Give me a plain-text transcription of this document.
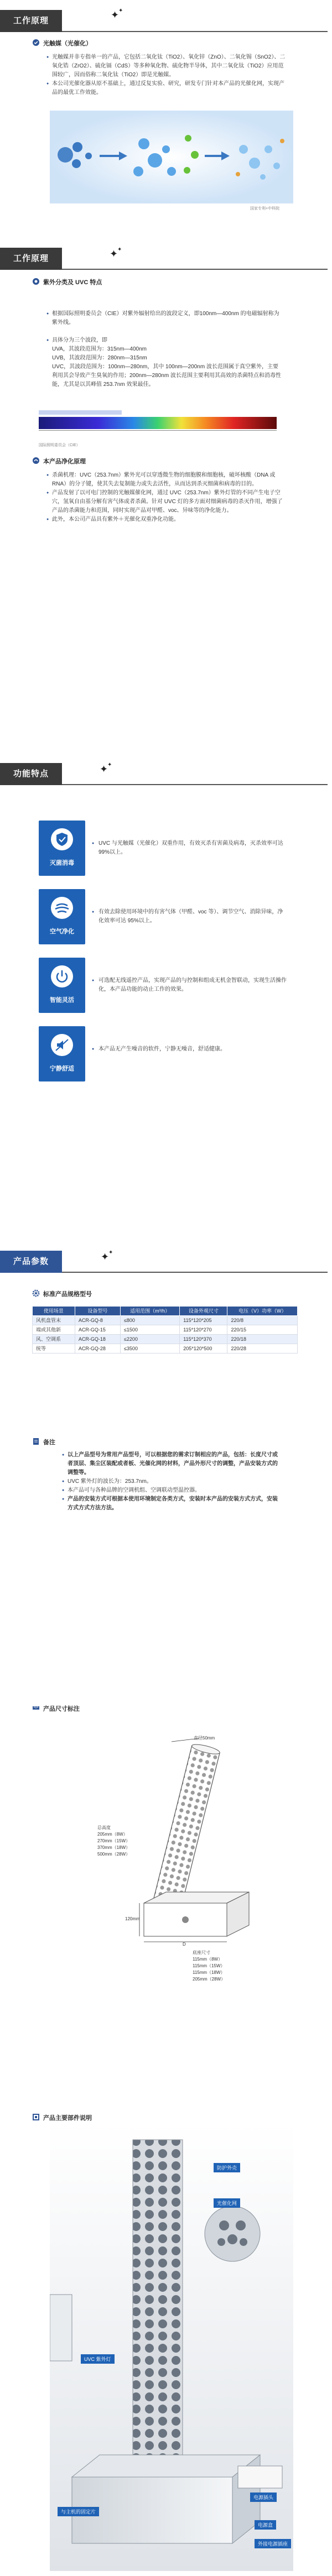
工作原理
✦
✦
光触媒（光催化）
● 光触媒并非专指单一的产品，它包括二氧化钛（TiO2）、氧化锌（ZnO）、二氧化锡（SnO2）、二氧化锆（ZrO2）、硫化镉（CdS）等多种氧化物、硫化物半导体，其中二氧化钛（TiO2）应用范围较广，因而俗称二氧化钛（TiO2）即是光触媒。
● 本公司光催化器从原不基础上，通过反复实验、研究，研发专门针对本产品的光催化网，实现产品的最优工作效能。
国家专利+中科院
工作原理	✦
✦
紫外分类及 UVC 特点

● 根据国际照明委员会（CIE）对紫外辐射给出的波段定义，即100nm—400nm 的电磁辐射称为紫外线。

● 具体分为三个波段，即
UVA，其波段范围为：315nm—400nm
UVB，其波段范围为：280nm—315nm
UVC，其波段范围为：100nm—280nm，其中 100nm—200nm 波长范围属于真空紫外，主要利用其会导致产生臭氧的作用；200nm—280nm 波长范围主要利用其高效的杀菌特点和消毒性能，尤其是以其峰值 253.7nm 效果最佳。

国际照明委员会（CIE）
本产品净化原理
● 杀菌机理：UVC（253.7nm）紫外光可以穿透微生物的细胞膜和细胞核，破坏核酸（DNA 或 RNA）的分子键，使其失去复制能力或失去活性，从而达到杀灭细菌和病毒的目的。
● 产品发射了以可电门控制的光触媒催化网，通过 UVC（253.7nm）紫外灯管的不同产生电子空穴，氢氧自由基分解有害气体或者杀菌。针对 UVC 灯的多方面对细菌病毒的杀灭作用，增强了产品的杀菌能力和范围，同时实现产品对甲醛、voc、异味等的净化能力。
● 此外，本公司产品具有紫外＋光催化双重净化功能。
功能特点	✦
✦
灭菌消毒
● UVC 与光触媒（光催化）双重作用，有效灭杀有害菌及病毒，灭杀效率可达 99%以上。
空气净化
● 有效去除使用环境中的有害气体（甲醛、voc 等）、调节空气、消除异味，净化效率可达 95%以上。
智能灵活
● 可选配无线遥控产品，实现产品的与控制和组成无机金智联动，实现生活操作化，本产品功能的动止工作的效果。
宁静舒适
● 本产品无产生噪音的软件，宁静无噪音，舒适健康。
产品参数	✦
✦
标准产品规格型号
使用场景	设备型号	适用范围（m³/h）	设备外观尺寸	电压（V）功率（W）
风机盘管末	ACR-GQ-8	≤800	115*120*205	220/8
端或其他新	ACR-GQ-15	≤1500	115*120*270	220/15
风、空调系	ACR-GQ-18	≤2200	115*120*370	220/18
统等	ACR-GQ-28	≤3500	205*120*500	220/28
备注
● 以上产品型号为常用产品型号，可以根据您的需求订制相应的产品，包括：长度尺寸或者顶层、集尘区装配或者板、光催化网的材料，产品外形尺寸的调整，产品安装方式的调整等。
● UVC 紫外灯的波长为：253.7nm。
● 本产品可与各种品牌的空调机组、空调联动型温控器。
● 产品的安装方式可根据本使用环境制定各类方式，安装时本产品的安装方式方式，安装方式方式方法方法。
产品尺寸标注
直径50mm
总高度
205mm（8W）
270mm（15W）
370mm（18W）
500mm（28W）
120mm
D
底座尺寸
115mm（8W）
115mm（15W）
115mm（18W）
205mm（28W）
产品主要部件说明
防护外壳
光催化网
UVC 紫外灯
电源插头
与主机的固定片
电源盒
外接电源插座
